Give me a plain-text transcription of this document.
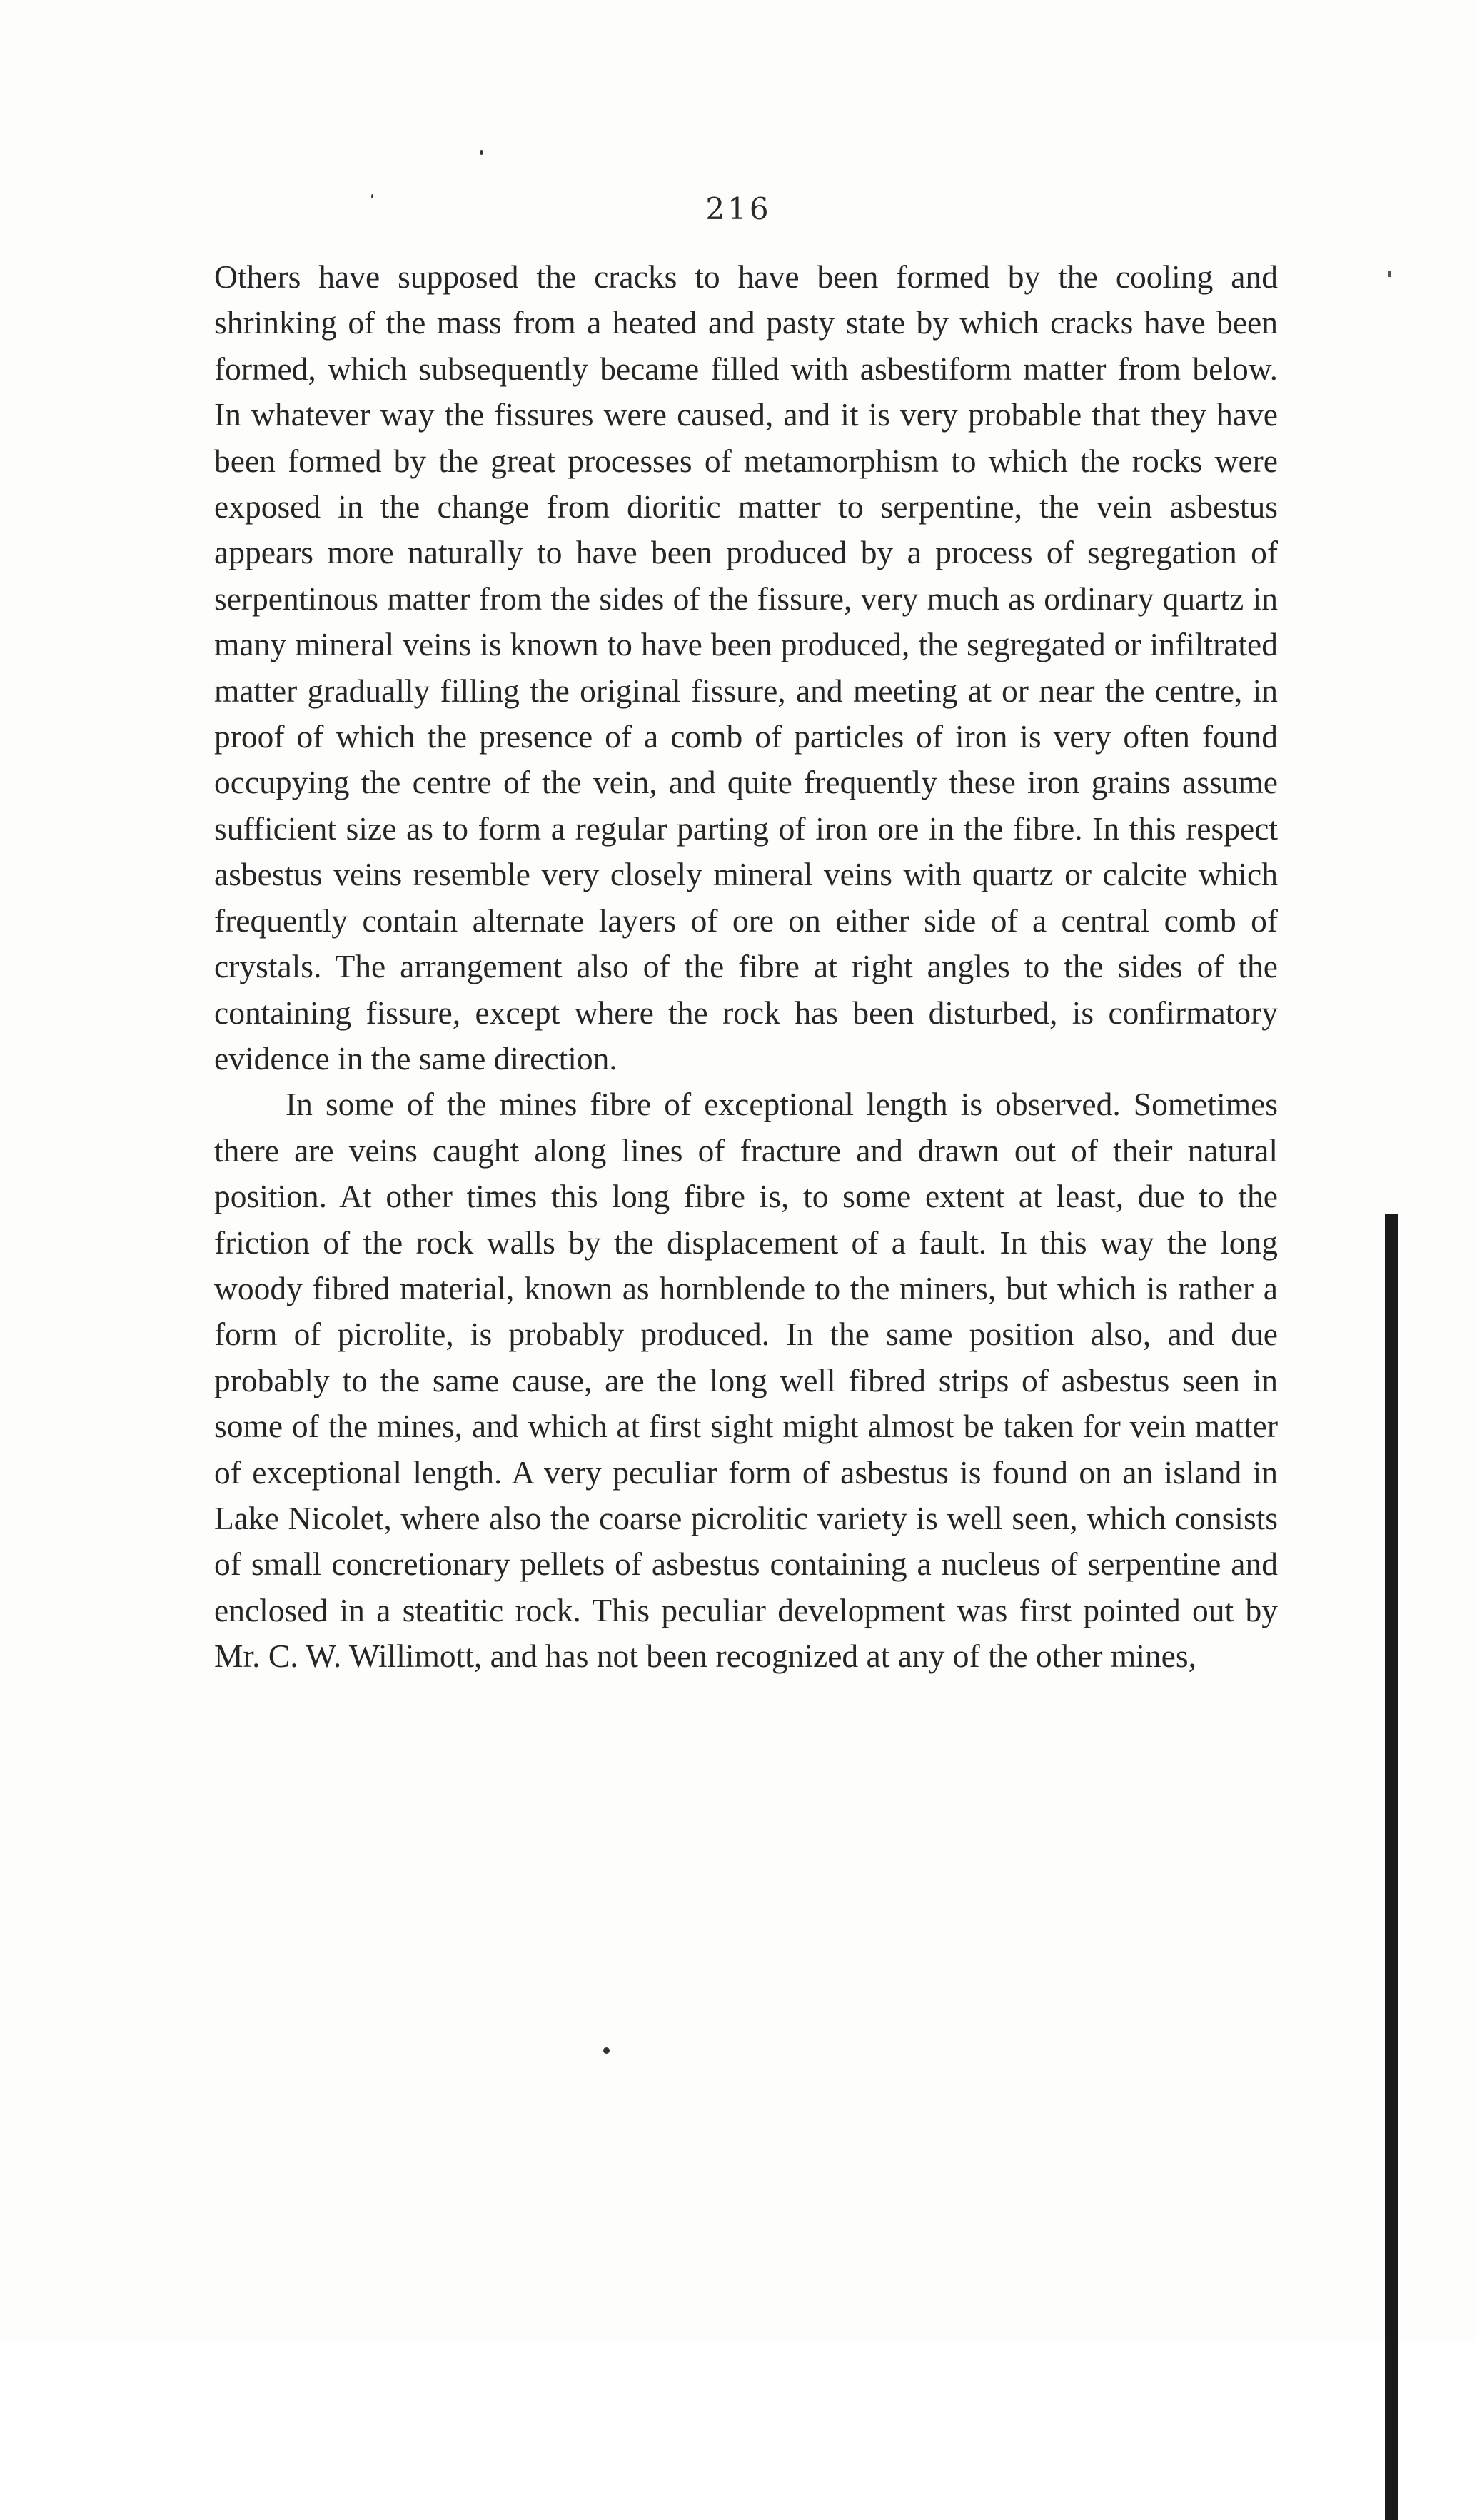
216

Others have supposed the cracks to have been formed by the cooling and shrinking of the mass from a heated and pasty state by which cracks have been formed, which subsequently became filled with asbestiform matter from below. In whatever way the fissures were caused, and it is very probable that they have been formed by the great processes of metamorphism to which the rocks were exposed in the change from dioritic matter to serpentine, the vein asbestus appears more naturally to have been produced by a process of segregation of serpentinous matter from the sides of the fissure, very much as ordinary quartz in many mineral veins is known to have been produced, the segregated or infiltrated matter gradually filling the original fissure, and meeting at or near the centre, in proof of which the presence of a comb of particles of iron is very often found occupying the centre of the vein, and quite frequently these iron grains assume sufficient size as to form a regular parting of iron ore in the fibre. In this respect asbestus veins resemble very closely mineral veins with quartz or calcite which frequently contain alternate layers of ore on either side of a central comb of crystals. The arrangement also of the fibre at right angles to the sides of the containing fissure, except where the rock has been disturbed, is confirmatory evidence in the same direction.

In some of the mines fibre of exceptional length is observed. Sometimes there are veins caught along lines of fracture and drawn out of their natural position. At other times this long fibre is, to some extent at least, due to the friction of the rock walls by the displacement of a fault. In this way the long woody fibred material, known as hornblende to the miners, but which is rather a form of picrolite, is probably produced. In the same position also, and due probably to the same cause, are the long well fibred strips of asbestus seen in some of the mines, and which at first sight might almost be taken for vein matter of exceptional length. A very peculiar form of asbestus is found on an island in Lake Nicolet, where also the coarse picrolitic variety is well seen, which consists of small concretionary pellets of asbestus containing a nucleus of serpentine and enclosed in a steatitic rock. This peculiar development was first pointed out by Mr. C. W. Willimott, and has not been recognized at any of the other mines,
